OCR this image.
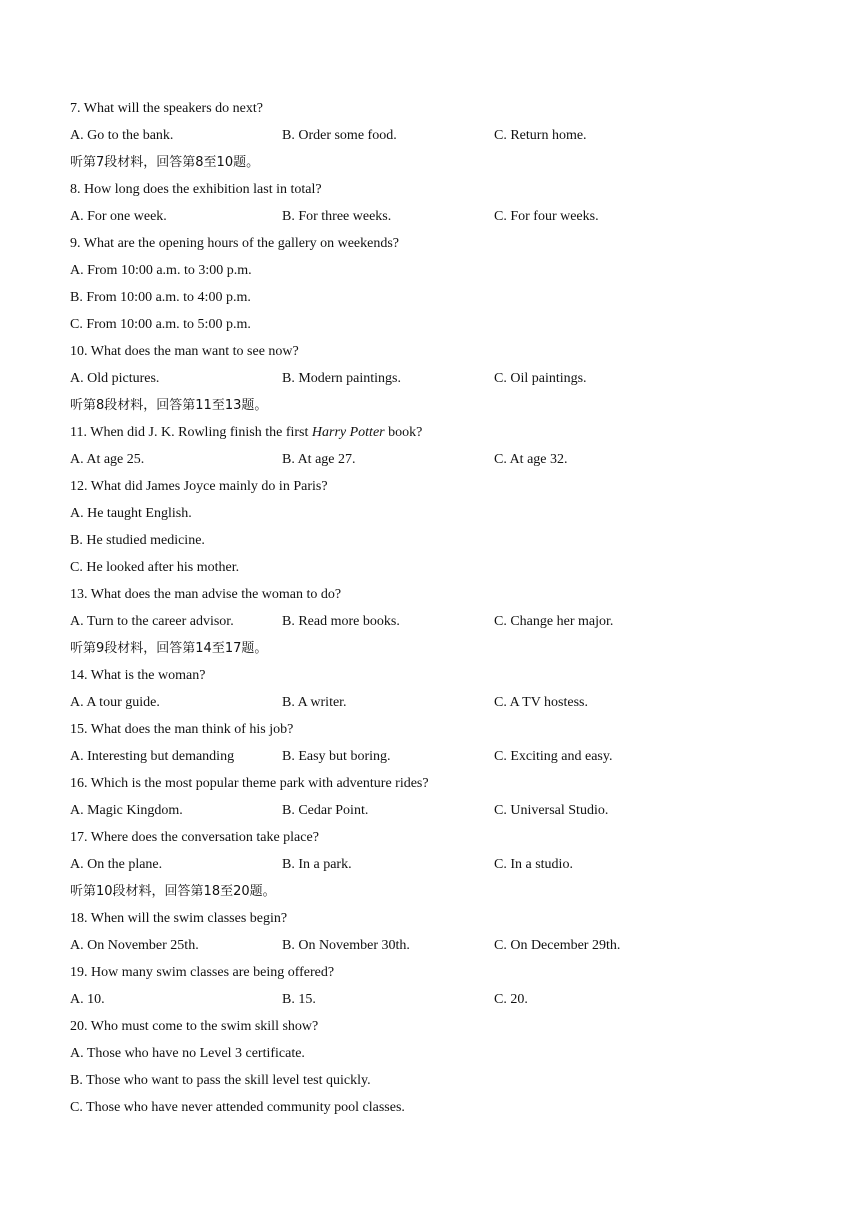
7. What will the speakers do next?
A. Go to the bank.	B. Order some food.	C. Return home.
听第7段材料，回答第8至10题。
8. How long does the exhibition last in total?
A. For one week.	B. For three weeks.	C. For four weeks.
9. What are the opening hours of the gallery on weekends?
A. From 10:00 a.m. to 3:00 p.m.
B. From 10:00 a.m. to 4:00 p.m.
C. From 10:00 a.m. to 5:00 p.m.
10. What does the man want to see now?
A. Old pictures.	B. Modern paintings.	C. Oil paintings.
听第8段材料，回答第11至13题。
11. When did J. K. Rowling finish the first Harry Potter book?
A. At age 25.	B. At age 27.	C. At age 32.
12. What did James Joyce mainly do in Paris?
A. He taught English.
B. He studied medicine.
C. He looked after his mother.
13. What does the man advise the woman to do?
A. Turn to the career advisor.	B. Read more books.	C. Change her major.
听第9段材料，回答第14至17题。
14. What is the woman?
A. A tour guide.	B. A writer.	C. A TV hostess.
15. What does the man think of his job?
A. Interesting but demanding	B. Easy but boring.	C. Exciting and easy.
16. Which is the most popular theme park with adventure rides?
A. Magic Kingdom.	B. Cedar Point.	C. Universal Studio.
17. Where does the conversation take place?
A. On the plane.	B. In a park.	C. In a studio.
听第10段材料，回答第18至20题。
18. When will the swim classes begin?
A. On November 25th.	B. On November 30th.	C. On December 29th.
19. How many swim classes are being offered?
A. 10.	B. 15.	C. 20.
20. Who must come to the swim skill show?
A. Those who have no Level 3 certificate.
B. Those who want to pass the skill level test quickly.
C. Those who have never attended community pool classes.
